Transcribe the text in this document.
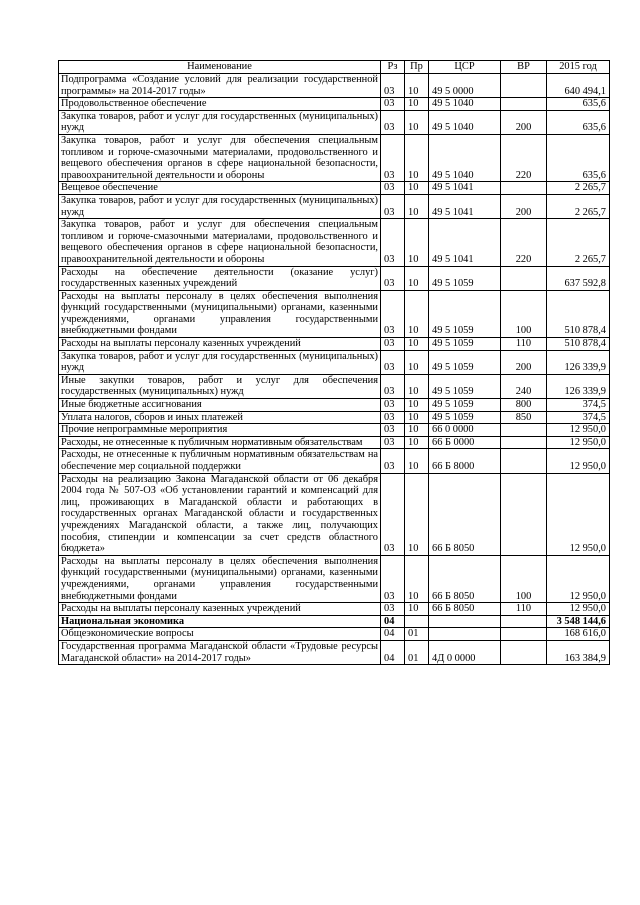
Наименование	Рз	Пр	ЦСР	ВР	2015 год
Подпрограмма «Создание условий для реализации государственной программы» на 2014-2017 годы»	03	10	49 5 0000		640 494,1
Продовольственное обеспечение	03	10	49 5 1040		635,6
Закупка товаров, работ и услуг для государственных (муниципальных) нужд	03	10	49 5 1040	200	635,6
Закупка товаров, работ и услуг для обеспечения специальным топливом и горюче-смазочными материалами, продовольственного и вещевого обеспечения органов в сфере национальной безопасности, правоохранительной деятельности и обороны	03	10	49 5 1040	220	635,6
Вещевое обеспечение	03	10	49 5 1041		2 265,7
Закупка товаров, работ и услуг для государственных (муниципальных) нужд	03	10	49 5 1041	200	2 265,7
Закупка товаров, работ и услуг для обеспечения специальным топливом и горюче-смазочными материалами, продовольственного и вещевого обеспечения органов в сфере национальной безопасности, правоохранительной деятельности и обороны	03	10	49 5 1041	220	2 265,7
Расходы на обеспечение деятельности (оказание услуг) государственных казенных учреждений	03	10	49 5 1059		637 592,8
Расходы на выплаты персоналу в целях обеспечения выполнения функций государственными (муниципальными) органами, казенными учреждениями, органами управления государственными внебюджетными фондами	03	10	49 5 1059	100	510 878,4
Расходы на выплаты персоналу казенных учреждений	03	10	49 5 1059	110	510 878,4
Закупка товаров, работ и услуг для государственных (муниципальных) нужд	03	10	49 5 1059	200	126 339,9
Иные закупки товаров, работ и услуг для обеспечения государственных (муниципальных) нужд	03	10	49 5 1059	240	126 339,9
Иные бюджетные ассигнования	03	10	49 5 1059	800	374,5
Уплата налогов, сборов и иных платежей	03	10	49 5 1059	850	374,5
Прочие непрограммные мероприятия	03	10	66 0 0000		12 950,0
Расходы, не отнесенные к публичным нормативным обязательствам	03	10	66 Б 0000		12 950,0
Расходы, не отнесенные к публичным нормативным обязательствам на обеспечение мер социальной поддержки	03	10	66 Б 8000		12 950,0
Расходы на реализацию Закона Магаданской области от 06 декабря 2004 года № 507-ОЗ «Об установлении гарантий и компенсаций для лиц, проживающих в Магаданской области и работающих в государственных органах Магаданской области и государственных учреждениях Магаданской области, а также лиц, получающих пособия, стипендии и компенсации за счет средств областного бюджета»	03	10	66 Б 8050		12 950,0
Расходы на выплаты персоналу в целях обеспечения выполнения функций государственными (муниципальными) органами, казенными учреждениями, органами управления государственными внебюджетными фондами	03	10	66 Б 8050	100	12 950,0
Расходы на выплаты персоналу казенных учреждений	03	10	66 Б 8050	110	12 950,0
Национальная экономика	04				3 548 144,6
Общеэкономические вопросы	04	01			168 616,0
Государственная программа Магаданской области «Трудовые ресурсы Магаданской области» на 2014-2017 годы»	04	01	4Д 0 0000		163 384,9
